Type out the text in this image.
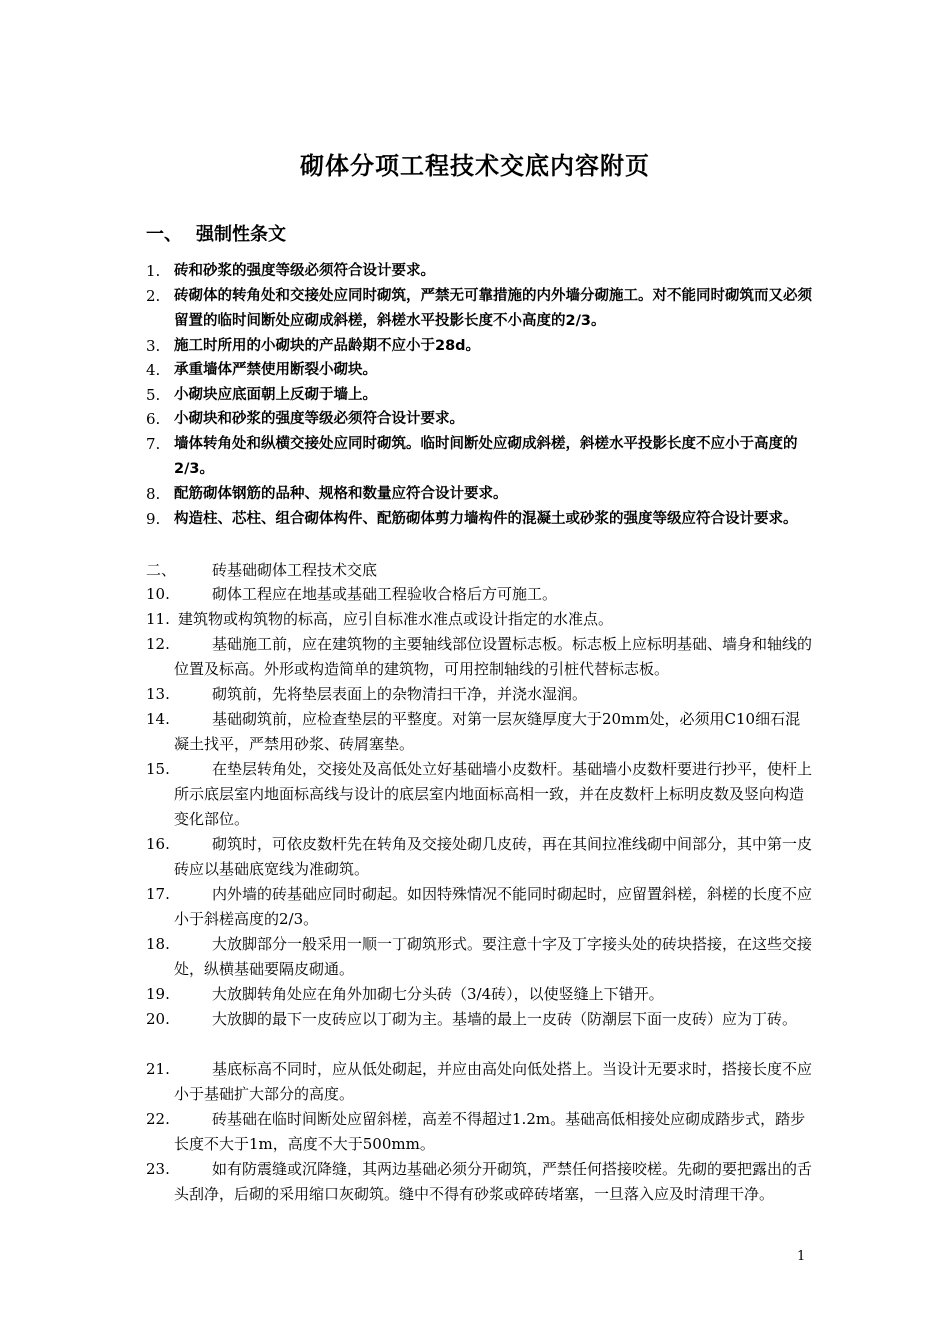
砌体分项工程技术交底内容附页
一、 强制性条文
1. 砖和砂浆的强度等级必须符合设计要求。
2. 砖砌体的转角处和交接处应同时砌筑，严禁无可靠措施的内外墙分砌施工。对不能同时砌筑而又必须留置的临时间断处应砌成斜槎，斜槎水平投影长度不小高度的2/3。
3. 施工时所用的小砌块的产品龄期不应小于28d。
4. 承重墙体严禁使用断裂小砌块。
5. 小砌块应底面朝上反砌于墙上。
6. 小砌块和砂浆的强度等级必须符合设计要求。
7. 墙体转角处和纵横交接处应同时砌筑。临时间断处应砌成斜槎，斜槎水平投影长度不应小于高度的2/3。
8. 配筋砌体钢筋的品种、规格和数量应符合设计要求。
9. 构造柱、芯柱、组合砌体构件、配筋砌体剪力墙构件的混凝土或砂浆的强度等级应符合设计要求。
二、	砖基础砌体工程技术交底
10.	砌体工程应在地基或基础工程验收合格后方可施工。
11. 建筑物或构筑物的标高，应引自标准水准点或设计指定的水准点。
12.	基础施工前，应在建筑物的主要轴线部位设置标志板。标志板上应标明基础、墙身和轴线的位置及标高。外形或构造简单的建筑物，可用控制轴线的引桩代替标志板。
13.	砌筑前，先将垫层表面上的杂物清扫干净，并浇水湿润。
14.	基础砌筑前，应检查垫层的平整度。对第一层灰缝厚度大于20mm处，必须用C10细石混凝土找平，严禁用砂浆、砖屑塞垫。
15.	在垫层转角处，交接处及高低处立好基础墙小皮数杆。基础墙小皮数杆要进行抄平，使杆上所示底层室内地面标高线与设计的底层室内地面标高相一致，并在皮数杆上标明皮数及竖向构造变化部位。
16.	砌筑时，可依皮数杆先在转角及交接处砌几皮砖，再在其间拉准线砌中间部分，其中第一皮砖应以基础底宽线为准砌筑。
17.	内外墙的砖基础应同时砌起。如因特殊情况不能同时砌起时，应留置斜槎，斜槎的长度不应小于斜槎高度的2/3。
18.	大放脚部分一般采用一顺一丁砌筑形式。要注意十字及丁字接头处的砖块搭接，在这些交接处，纵横基础要隔皮砌通。
19.	大放脚转角处应在角外加砌七分头砖（3/4砖），以使竖缝上下错开。
20.	大放脚的最下一皮砖应以丁砌为主。基墙的最上一皮砖（防潮层下面一皮砖）应为丁砖。
21.	基底标高不同时，应从低处砌起，并应由高处向低处搭上。当设计无要求时，搭接长度不应小于基础扩大部分的高度。
22.	砖基础在临时间断处应留斜槎，高差不得超过1.2m。基础高低相接处应砌成踏步式，踏步长度不大于1m，高度不大于500mm。
23.	如有防震缝或沉降缝，其两边基础必须分开砌筑，严禁任何搭接咬槎。先砌的要把露出的舌头刮净，后砌的采用缩口灰砌筑。缝中不得有砂浆或碎砖堵塞，一旦落入应及时清理干净。
1
